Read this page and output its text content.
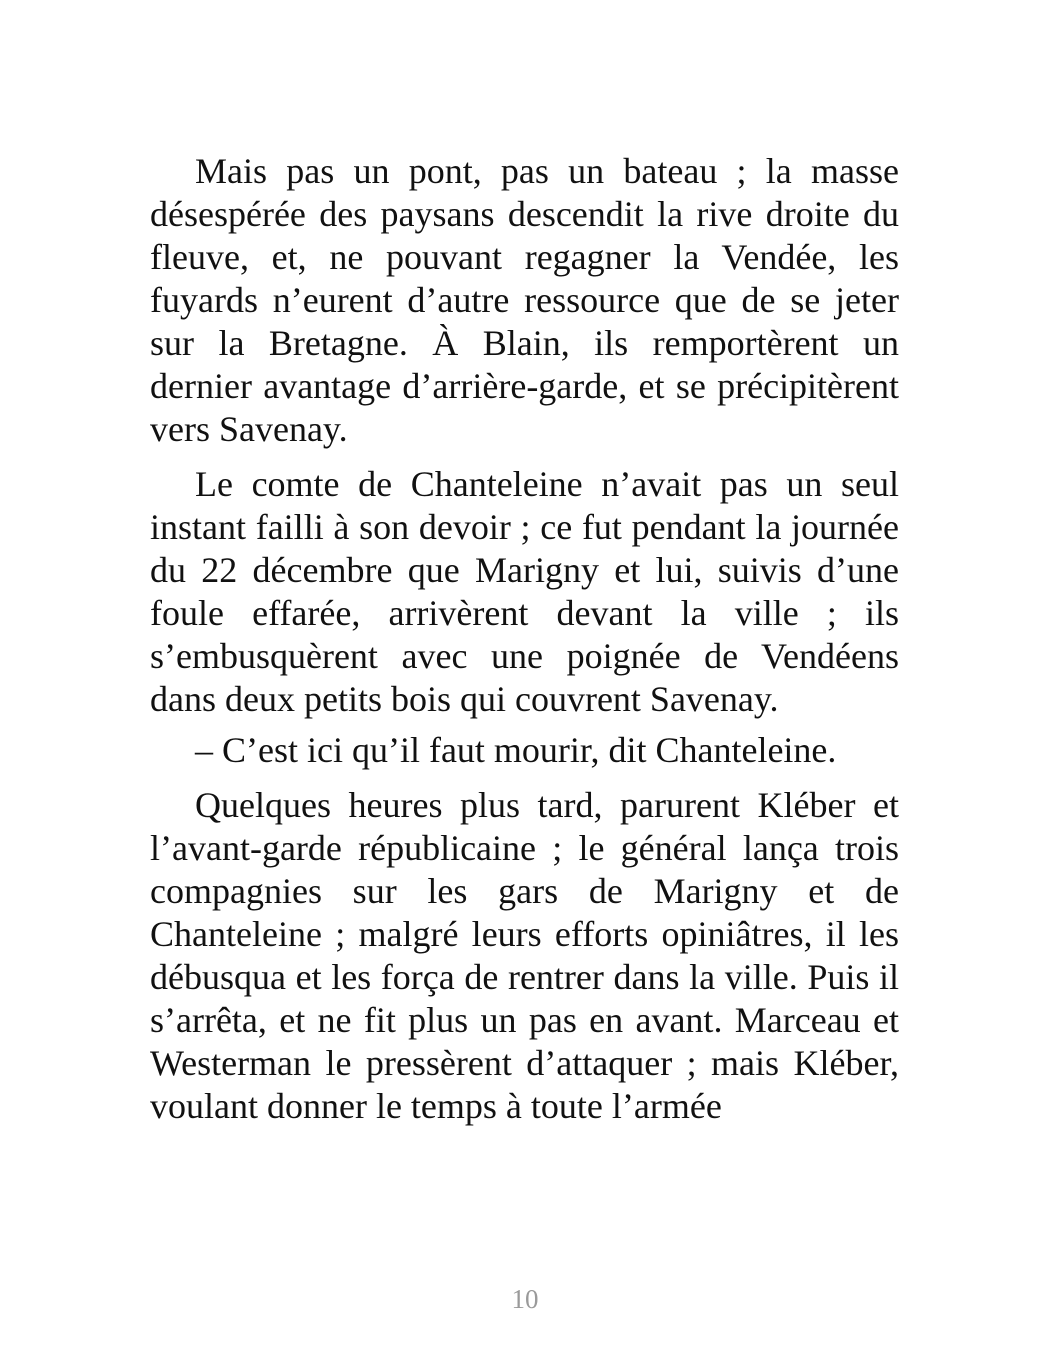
Mais pas un pont, pas un bateau ; la masse désespérée des paysans descendit la rive droite du fleuve, et, ne pouvant regagner la Vendée, les fuyards n’eurent d’autre ressource que de se jeter sur la Bretagne. À Blain, ils remportèrent un dernier avantage d’arrière-garde, et se précipitèrent vers Savenay.

Le comte de Chanteleine n’avait pas un seul instant failli à son devoir ; ce fut pendant la journée du 22 décembre que Marigny et lui, suivis d’une foule effarée, arrivèrent devant la ville ; ils s’embusquèrent avec une poignée de Vendéens dans deux petits bois qui couvrent Savenay.

– C’est ici qu’il faut mourir, dit Chanteleine.

Quelques heures plus tard, parurent Kléber et l’avant-garde républicaine ; le général lança trois compagnies sur les gars de Marigny et de Chanteleine ; malgré leurs efforts opiniâtres, il les débusqua et les força de rentrer dans la ville. Puis il s’arrêta, et ne fit plus un pas en avant. Marceau et Westerman le pressèrent d’attaquer ; mais Kléber, voulant donner le temps à toute l’armée

10
